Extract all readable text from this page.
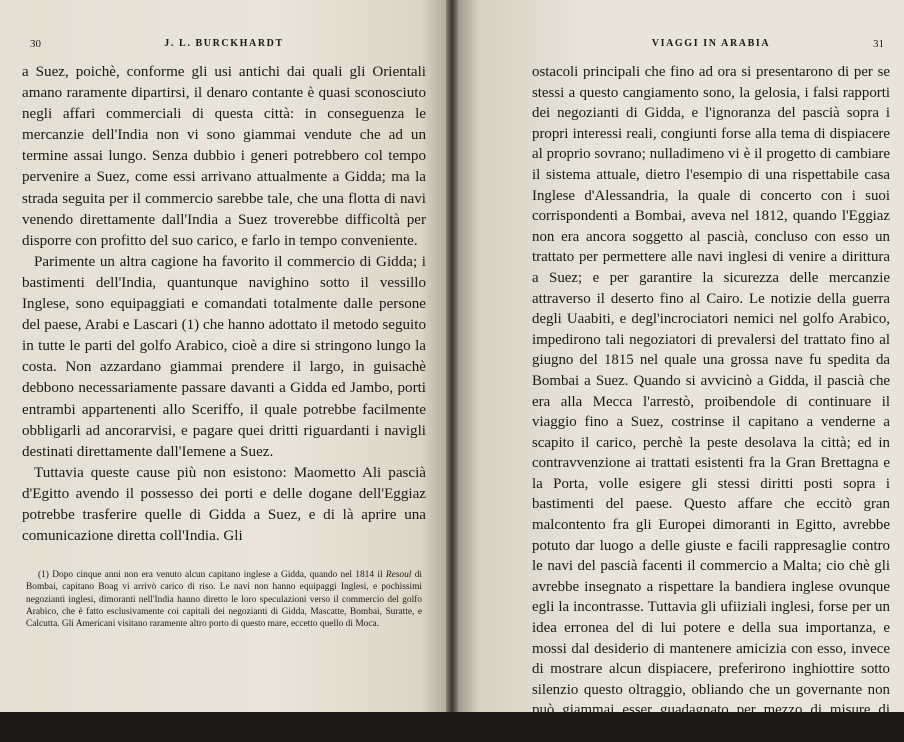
30	J. L. BURCKHARDT

a Suez, poichè, conforme gli usi antichi dai quali gli Orientali amano raramente dipartirsi, il denaro contante è quasi sconosciuto negli affari commerciali di questa città: in conseguenza le mercanzie dell'India non vi sono giammai vendute che ad un termine assai lungo. Senza dubbio i generi potrebbero col tempo pervenire a Suez, come essi arrivano attualmente a Gidda; ma la strada seguita per il commercio sarebbe tale, che una flotta di navi venendo direttamente dall'India a Suez troverebbe difficoltà per disporre con profitto del suo carico, e farlo in tempo conveniente.

Parimente un altra cagione ha favorito il commercio di Gidda; i bastimenti dell'India, quantunque navighino sotto il vessillo Inglese, sono equipaggiati e comandati totalmente dalle persone del paese, Arabi e Lascari (1) che hanno adottato il metodo seguito in tutte le parti del golfo Arabico, cioè a dire si stringono lungo la costa. Non azzardano giammai prendere il largo, in guisachè debbono necessariamente passare davanti a Gidda ed Jambo, porti entrambi appartenenti allo Sceriffo, il quale potrebbe facilmente obbligarli ad ancorarvisi, e pagare quei dritti riguardanti i navigli destinati direttamente dall'Iemene a Suez.

Tuttavia queste cause più non esistono: Maometto Ali pascià d'Egitto avendo il possesso dei porti e delle dogane dell'Eggiaz potrebbe trasferire quelle di Gidda a Suez, e di là aprire una comunicazione diretta coll'India. Gli

(1) Dopo cinque anni non era venuto alcun capitano inglese a Gidda, quando nel 1814 il Resoul di Bombai, capitano Boag vi arrivò carico di riso. Le navi non hanno equipaggi Inglesi, e pochissimi negozianti inglesi, dimoranti nell'India hanno diretto le loro speculazioni verso il commercio del golfo Arabico, che è fatto esclusivamente coi capitali dei negozianti di Gidda, Mascatte, Bombai, Suratte, e Calcutta. Gli Americani visitano raramente altro porto di questo mare, eccetto quello di Moca.

VIAGGI IN ARABIA	31

ostacoli principali che fino ad ora si presentarono di per se stessi a questo cangiamento sono, la gelosia, i falsi rapporti dei negozianti di Gidda, e l'ignoranza del pascià sopra i propri interessi reali, congiunti forse alla tema di dispiacere al proprio sovrano; nulladimeno vi è il progetto di cambiare il sistema attuale, dietro l'esempio di una rispettabile casa Inglese d'Alessandria, la quale di concerto con i suoi corrispondenti a Bombai, aveva nel 1812, quando l'Eggiaz non era ancora soggetto al pascià, concluso con esso un trattato per permettere alle navi inglesi di venire a dirittura a Suez; e per garantire la sicurezza delle mercanzie attraverso il deserto fino al Cairo. Le notizie della guerra degli Uaabiti, e degl'incrociatori nemici nel golfo Arabico, impedirono tali negoziatori di prevalersi del trattato fino al giugno del 1815 nel quale una grossa nave fu spedita da Bombai a Suez. Quando si avvicinò a Gidda, il pascià che era alla Mecca l'arrestò, proibendole di continuare il viaggio fino a Suez, costrinse il capitano a venderne a scapito il carico, perchè la peste desolava la città; ed in contravvenzione ai trattati esistenti fra la Gran Brettagna e la Porta, volle esigere gli stessi diritti posti sopra i bastimenti del paese. Questo affare che eccitò gran malcontento fra gli Europei dimoranti in Egitto, avrebbe potuto dar luogo a delle giuste e facili rappresaglie contro le navi del pascià facenti il commercio a Malta; cio chè gli avrebbe insegnato a rispettare la bandiera inglese ovunque egli la incontrasse. Tuttavia gli ufiiziali inglesi, forse per un idea erronea del di lui potere e della sua importanza, e mossi dal desiderio di mantenere amicizia con esso, invece di mostrare alcun dispiacere, preferirono inghiottire sotto silenzio questo oltraggio, obliando che un governante non può giammai esser guadagnato per mezzo di misure di conciliazione, e non
